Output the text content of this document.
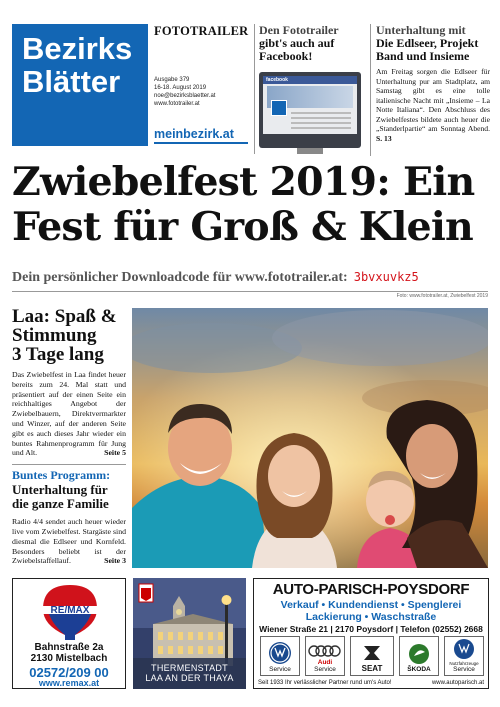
Bezirks
Blätter
FOTOTRAILER
Ausgabe 379
16-18. August 2019
noe@bezirksblaetter.at
www.fototrailer.at
meinbezirk.at
Den Fototrailer
gibt's auch auf
Facebook!
facebook
Unterhaltung mit
Die Edlseer, Projekt
Band und Insieme

Am Freitag sorgen die Edlseer für Unterhaltung pur am Stadtplatz, am Samstag gibt es eine tolle italienische Nacht mit „Insieme – La Notte Italiana“. Den Abschluss des Zwiebelfestes bildete auch heuer die „Standerlpartie“ am Sonntag Abend. S. 13

Zwiebelfest 2019: Ein
Fest für Groß & Klein
Dein persönlicher Downloadcode für www.fototrailer.at: 3bvxuvkz5
Foto: www.fototrailer.at, Zwiebelfest 2019
Laa: Spaß &
Stimmung
3 Tage lang

Das Zwiebelfest in Laa findet heuer bereits zum 24. Mal statt und präsentiert auf der einen Seite ein reichhaltiges Angebot der Zwiebelbauern, Direktvermarkter und Winzer, auf der anderen Seite gibt es auch dieses Jahr wieder ein buntes Rahmenprogramm für Jung und Alt.	Seite 5

Buntes Programm:
Unterhaltung für
die ganze Familie

Radio 4/4 sendet auch heuer wieder live vom Zwiebelfest. Stargäste sind diesmal die Edlseer und Kornfeld. Besonders beliebt ist der Zwiebelstaffellauf.	Seite 3

RE/MAX
Bahnstraße 2a
2130 Mistelbach
02572/209 00
www.remax.at
THERMENSTADT
LAA AN DER THAYA
AUTO-PARISCH-POYSDORF
Verkauf • Kundendienst • Spenglerei
Lackierung • Waschstraße
Wiener Straße 21 | 2170 Poysdorf | Telefon (02552) 2668
Service
Audi
Service	SEAT	ŠKODA
Nutzfahrzeuge
Service
Seit 1933 Ihr verlässlicher Partner rund um's Auto!	www.autoparisch.at
